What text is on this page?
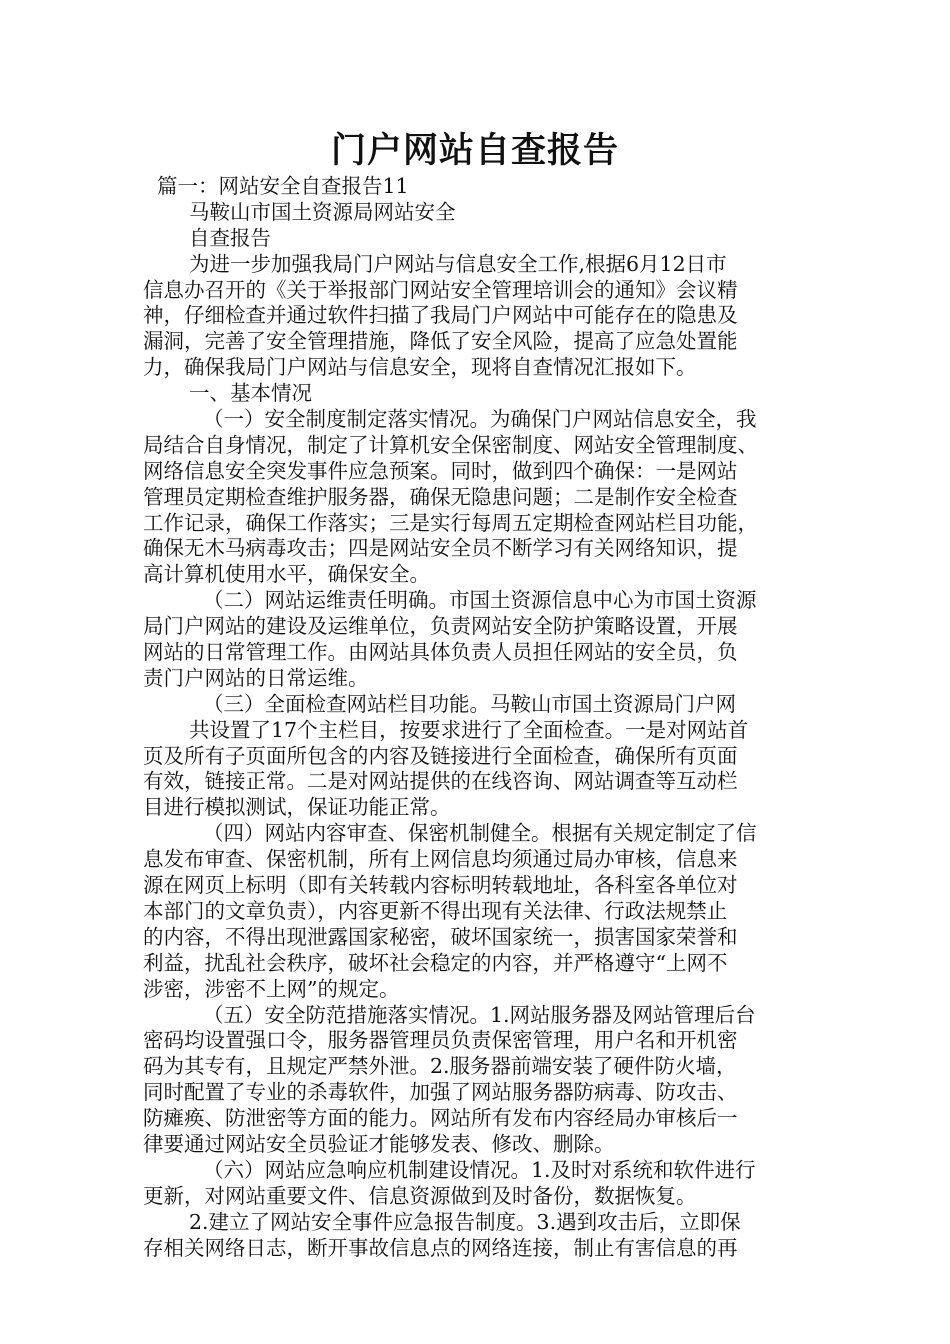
门户网站自查报告
篇一：网站安全自查报告11
马鞍山市国土资源局网站安全
自查报告
为进一步加强我局门户网站与信息安全工作,根据6月12日市
信息办召开的《关于举报部门网站安全管理培训会的通知》会议精
神，仔细检查并通过软件扫描了我局门户网站中可能存在的隐患及
漏洞，完善了安全管理措施，降低了安全风险，提高了应急处置能
力，确保我局门户网站与信息安全，现将自查情况汇报如下。
一、基本情况
（一）安全制度制定落实情况。为确保门户网站信息安全，我
局结合自身情况，制定了计算机安全保密制度、网站安全管理制度、
网络信息安全突发事件应急预案。同时，做到四个确保：一是网站
管理员定期检查维护服务器，确保无隐患问题；二是制作安全检查
工作记录，确保工作落实；三是实行每周五定期检查网站栏目功能，
确保无木马病毒攻击；四是网站安全员不断学习有关网络知识，提
高计算机使用水平，确保安全。
（二）网站运维责任明确。市国土资源信息中心为市国土资源
局门户网站的建设及运维单位，负责网站安全防护策略设置，开展
网站的日常管理工作。由网站具体负责人员担任网站的安全员，负
责门户网站的日常运维。
（三）全面检查网站栏目功能。马鞍山市国土资源局门户网
共设置了17个主栏目，按要求进行了全面检查。一是对网站首
页及所有子页面所包含的内容及链接进行全面检查，确保所有页面
有效，链接正常。二是对网站提供的在线咨询、网站调查等互动栏
目进行模拟测试，保证功能正常。
（四）网站内容审查、保密机制健全。根据有关规定制定了信
息发布审查、保密机制，所有上网信息均须通过局办审核，信息来
源在网页上标明（即有关转载内容标明转载地址，各科室各单位对
本部门的文章负责），内容更新不得出现有关法律、行政法规禁止
的内容，不得出现泄露国家秘密，破坏国家统一，损害国家荣誉和
利益，扰乱社会秩序，破坏社会稳定的内容，并严格遵守“上网不
涉密，涉密不上网”的规定。
（五）安全防范措施落实情况。1.网站服务器及网站管理后台
密码均设置强口令，服务器管理员负责保密管理，用户名和开机密
码为其专有，且规定严禁外泄。2.服务器前端安装了硬件防火墙，
同时配置了专业的杀毒软件，加强了网站服务器防病毒、防攻击、
防瘫痪、防泄密等方面的能力。网站所有发布内容经局办审核后一
律要通过网站安全员验证才能够发表、修改、删除。
（六）网站应急响应机制建设情况。1.及时对系统和软件进行
更新，对网站重要文件、信息资源做到及时备份，数据恢复。
2.建立了网站安全事件应急报告制度。3.遇到攻击后，立即保
存相关网络日志，断开事故信息点的网络连接，制止有害信息的再
